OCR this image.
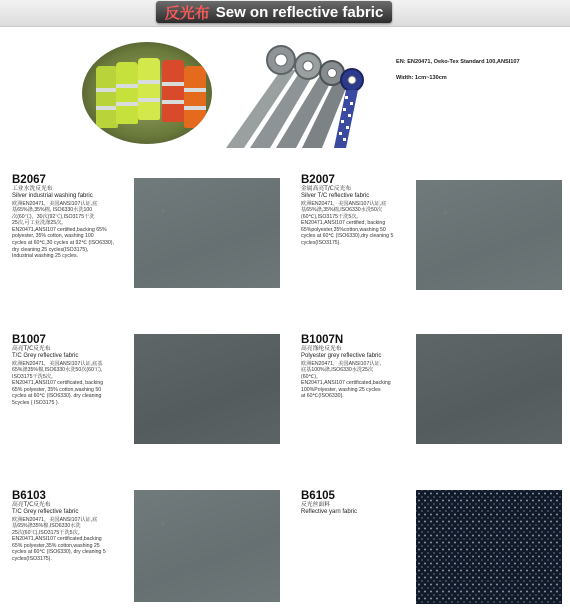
反光布 Sew on reflective fabric
EN: EN20471, Oeko-Tex Standard 100,ANSI107
Width: 1cm~130cm
B2067
工业水洗反光布
Silver industrial washing fabric
欧洲EN20471，美国ANSI107认证,底
基65%涤,35%棉, ISO6330水洗100
次(60℃)，30次(92℃),ISO3175干洗
25次,可工业洗涤25次。
EN20471,ANSI107 certified,backing 65%
polyester, 35% cotton, washing 100
cycles at 60℃,30 cycles at 92℃ (ISO6330),
dry cleaning 25 cycles(ISO3175),
Industrial washing 25 cycles.
B2007
金属高亮T/C反光布
Silver T/C reflective fabric
欧洲EN20471，美国ANSI107认证,底
基65%涤,35%棉,ISO6330水洗50次
(60℃),ISO3175干洗5次。
EN20471,ANSI107 certified, backing
65%polyester,35%cotton,washing 50
cycles at 60℃ (ISO6330),dry cleaning 5
cycles(ISO3175).
B1007
高亮T/C反光布
T/C Grey reflective fabric
欧洲EN20471，美国ANSI107认证,底基
65%涤35%棉,ISO6330水洗50次(60℃),
ISO3175干洗5次。
EN20471,ANSI107 certificated, backing
65% polyester, 35% cotton,washing 50
cycles at 60℃ (ISO6330). dry cleaning
5cycles ( ISO3175 ).
B1007N
高亮涤纶反光布
Polyester grey reflective fabric
欧洲EN20471，美国ANSI107认证,
底基100%涤,ISO6330水洗25次
(60℃)。
EN20471,ANSI107 certificated,backing
100%Polyester, washing 25 cycles
at 60℃(ISO6330).
B6103
高亮T/C反光布
T/C Grey reflective fabric
欧洲EN20471，美国ANSI107认证,底
基65%涤35%棉,ISO6330水洗
25次(60℃),ISO3175干洗5次。
EN20471,ANSI107 certificated,backing
65% polyester,35% cotton,washing 25
cycles at 60℃ (ISO6330), dry cleaning 5
cycles(ISO3175).
B6105
反光丝面料
Reflective yarn fabric
